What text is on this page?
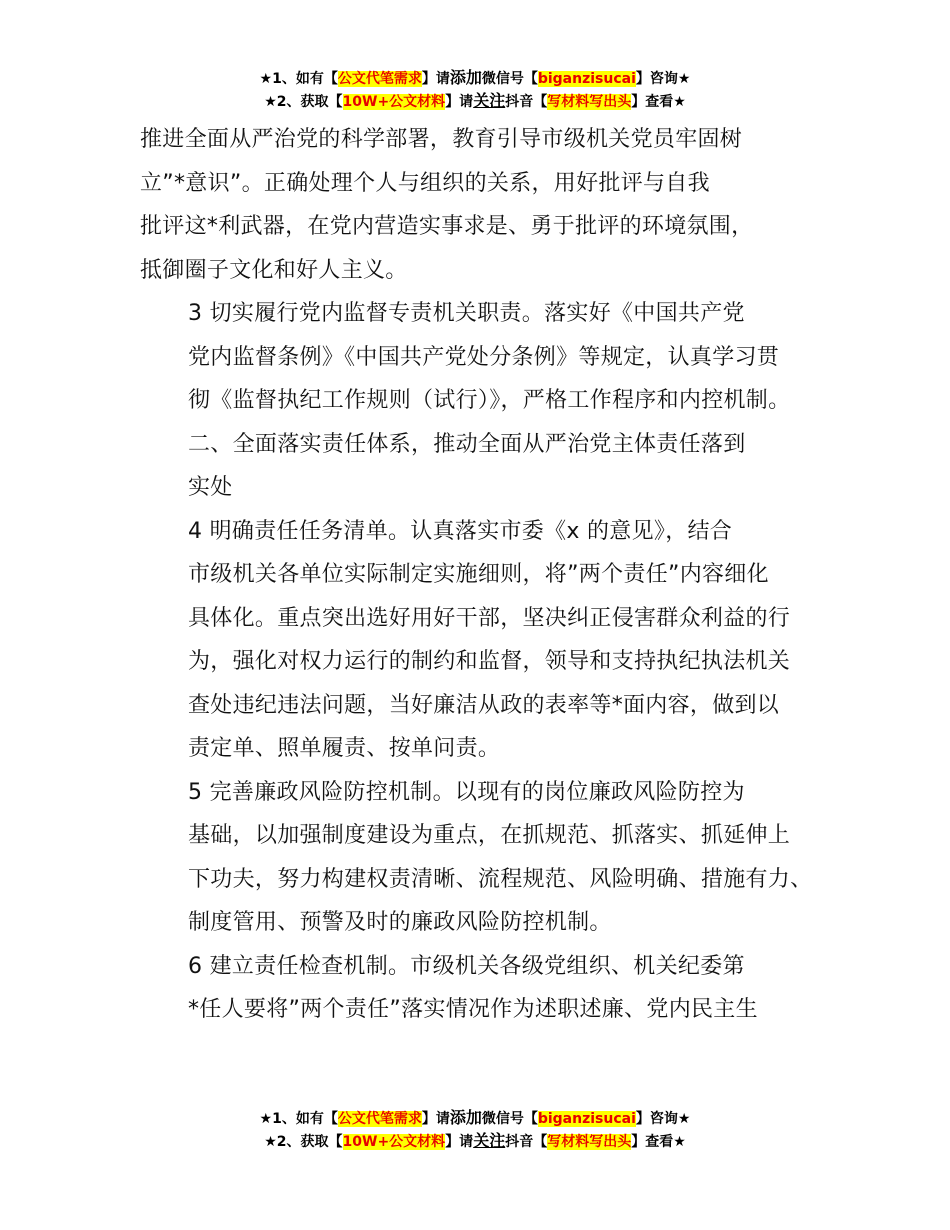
★1、如有【公文代笔需求】请添加微信号【biganzisucai】咨询★
★2、获取【10W+公文材料】请关注抖音【写材料写出头】查看★

推进全面从严治党的科学部署，教育引导市级机关党员牢固树
立”*意识”。正确处理个人与组织的关系，用好批评与自我
批评这*利武器，在党内营造实事求是、勇于批评的环境氛围，
抵御圈子文化和好人主义。

3 切实履行党内监督专责机关职责。落实好《中国共产党
党内监督条例》《中国共产党处分条例》等规定，认真学习贯
彻《监督执纪工作规则（试行）》，严格工作程序和内控机制。

二、全面落实责任体系，推动全面从严治党主体责任落到
实处

4 明确责任任务清单。认真落实市委《x 的意见》，结合
市级机关各单位实际制定实施细则，将”两个责任”内容细化
具体化。重点突出选好用好干部，坚决纠正侵害群众利益的行
为，强化对权力运行的制约和监督，领导和支持执纪执法机关
查处违纪违法问题，当好廉洁从政的表率等*面内容，做到以
责定单、照单履责、按单问责。

5 完善廉政风险防控机制。以现有的岗位廉政风险防控为
基础，以加强制度建设为重点，在抓规范、抓落实、抓延伸上
下功夫，努力构建权责清晰、流程规范、风险明确、措施有力、
制度管用、预警及时的廉政风险防控机制。

6 建立责任检查机制。市级机关各级党组织、机关纪委第
*任人要将”两个责任”落实情况作为述职述廉、党内民主生

★1、如有【公文代笔需求】请添加微信号【biganzisucai】咨询★
★2、获取【10W+公文材料】请关注抖音【写材料写出头】查看★
